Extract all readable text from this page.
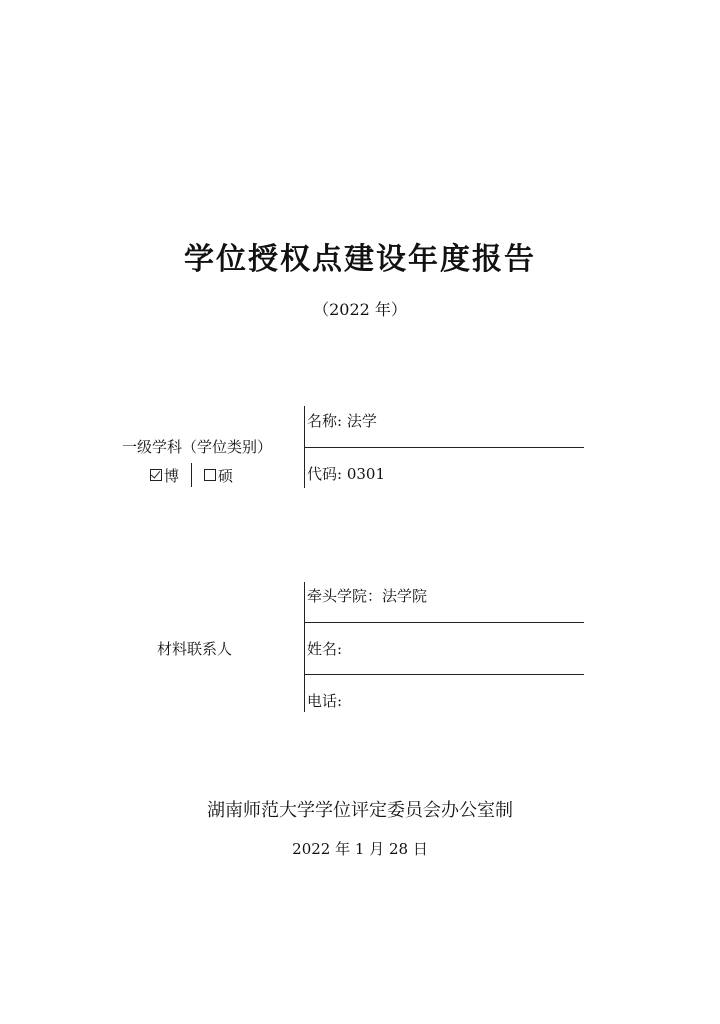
学位授权点建设年度报告
（2022 年）
一级学科（学位类别）
博	硕
名称: 法学
代码: 0301
材料联系人
牵头学院：法学院
姓名:
电话:
湖南师范大学学位评定委员会办公室制
2022 年 1 月 28 日
